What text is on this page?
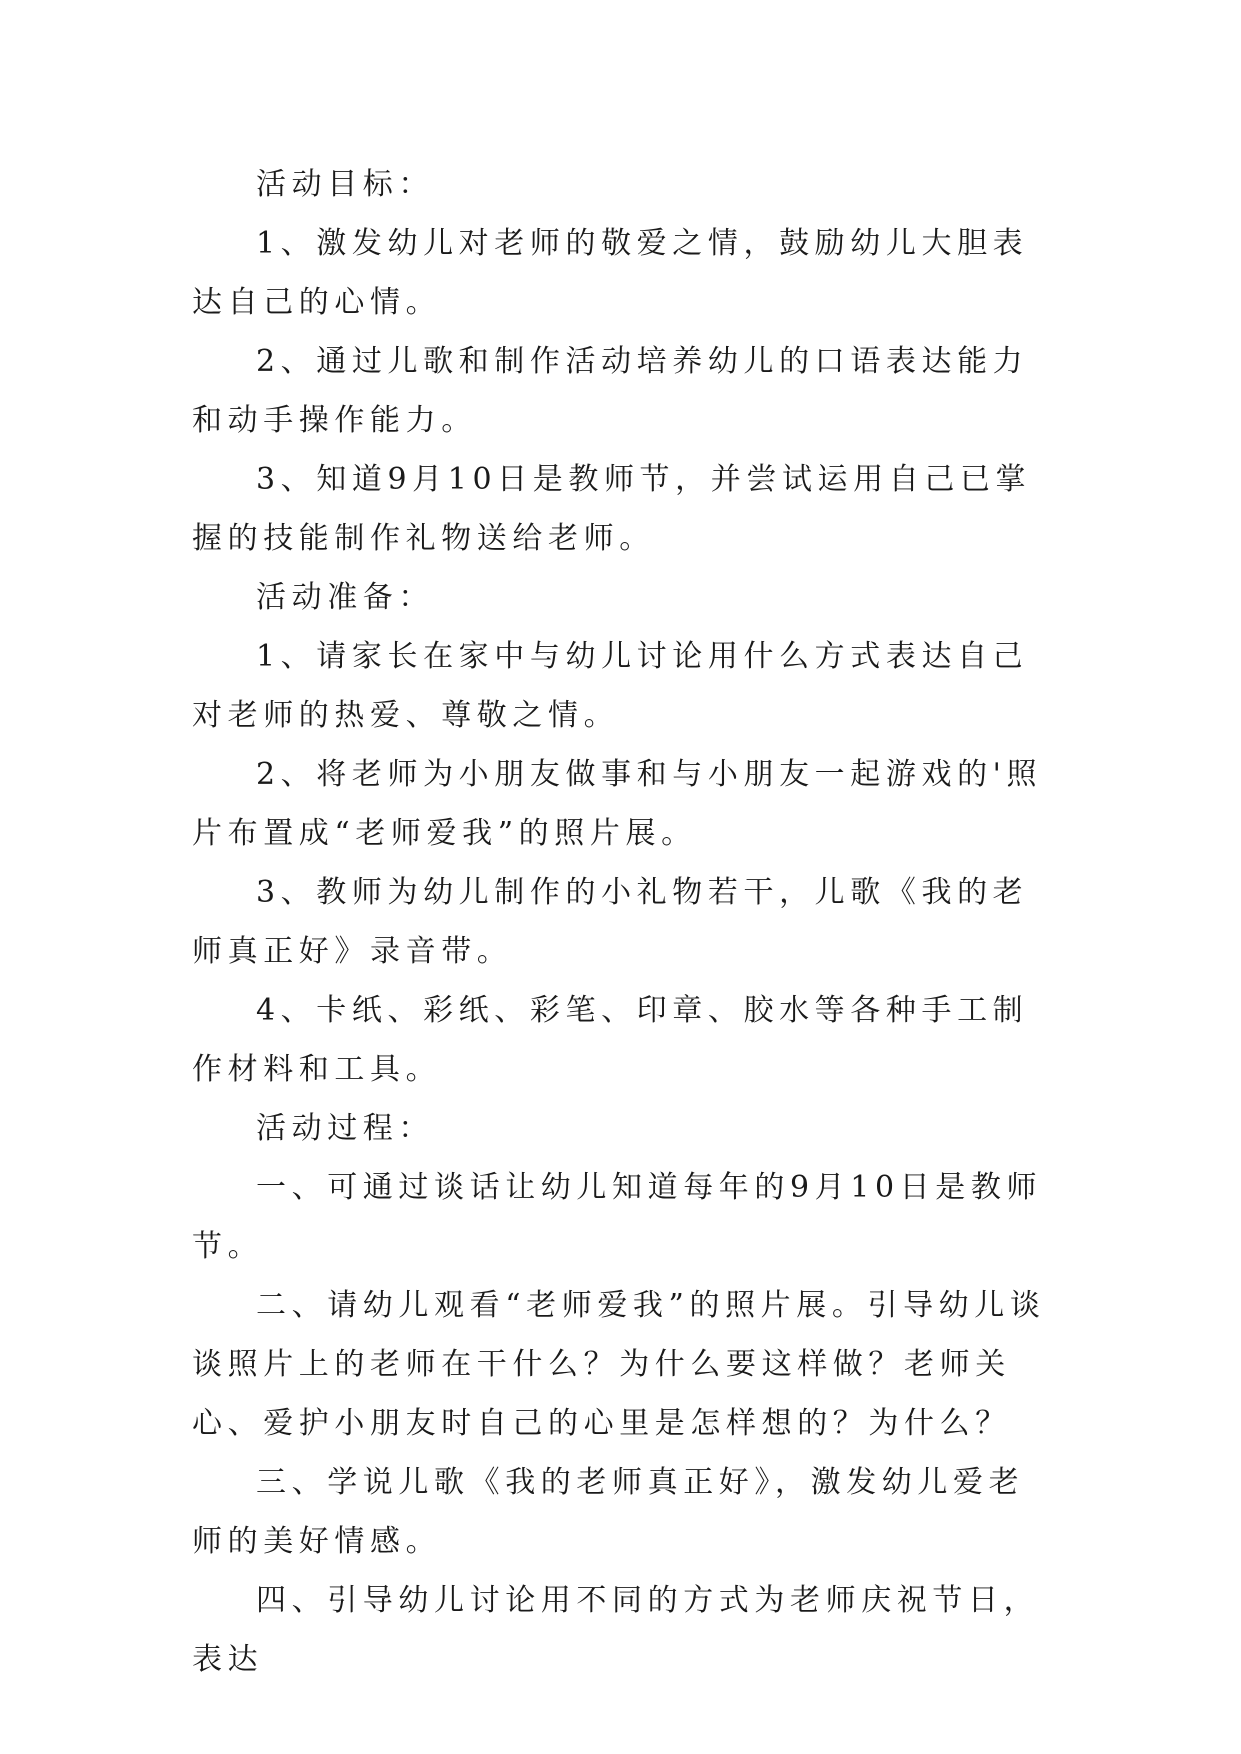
活动目标：

1、激发幼儿对老师的敬爱之情，鼓励幼儿大胆表达自己的心情。

2、通过儿歌和制作活动培养幼儿的口语表达能力和动手操作能力。

3、知道9月10日是教师节，并尝试运用自己已掌握的技能制作礼物送给老师。

活动准备：

1、请家长在家中与幼儿讨论用什么方式表达自己对老师的热爱、尊敬之情。

2、将老师为小朋友做事和与小朋友一起游戏的'照片布置成“老师爱我”的照片展。

3、教师为幼儿制作的小礼物若干，儿歌《我的老师真正好》录音带。

4、卡纸、彩纸、彩笔、印章、胶水等各种手工制作材料和工具。

活动过程：

一、可通过谈话让幼儿知道每年的9月10日是教师节。

二、请幼儿观看“老师爱我”的照片展。引导幼儿谈谈照片上的老师在干什么？为什么要这样做？老师关心、爱护小朋友时自己的心里是怎样想的？为什么？

三、学说儿歌《我的老师真正好》，激发幼儿爱老师的美好情感。

四、引导幼儿讨论用不同的方式为老师庆祝节日，表达
